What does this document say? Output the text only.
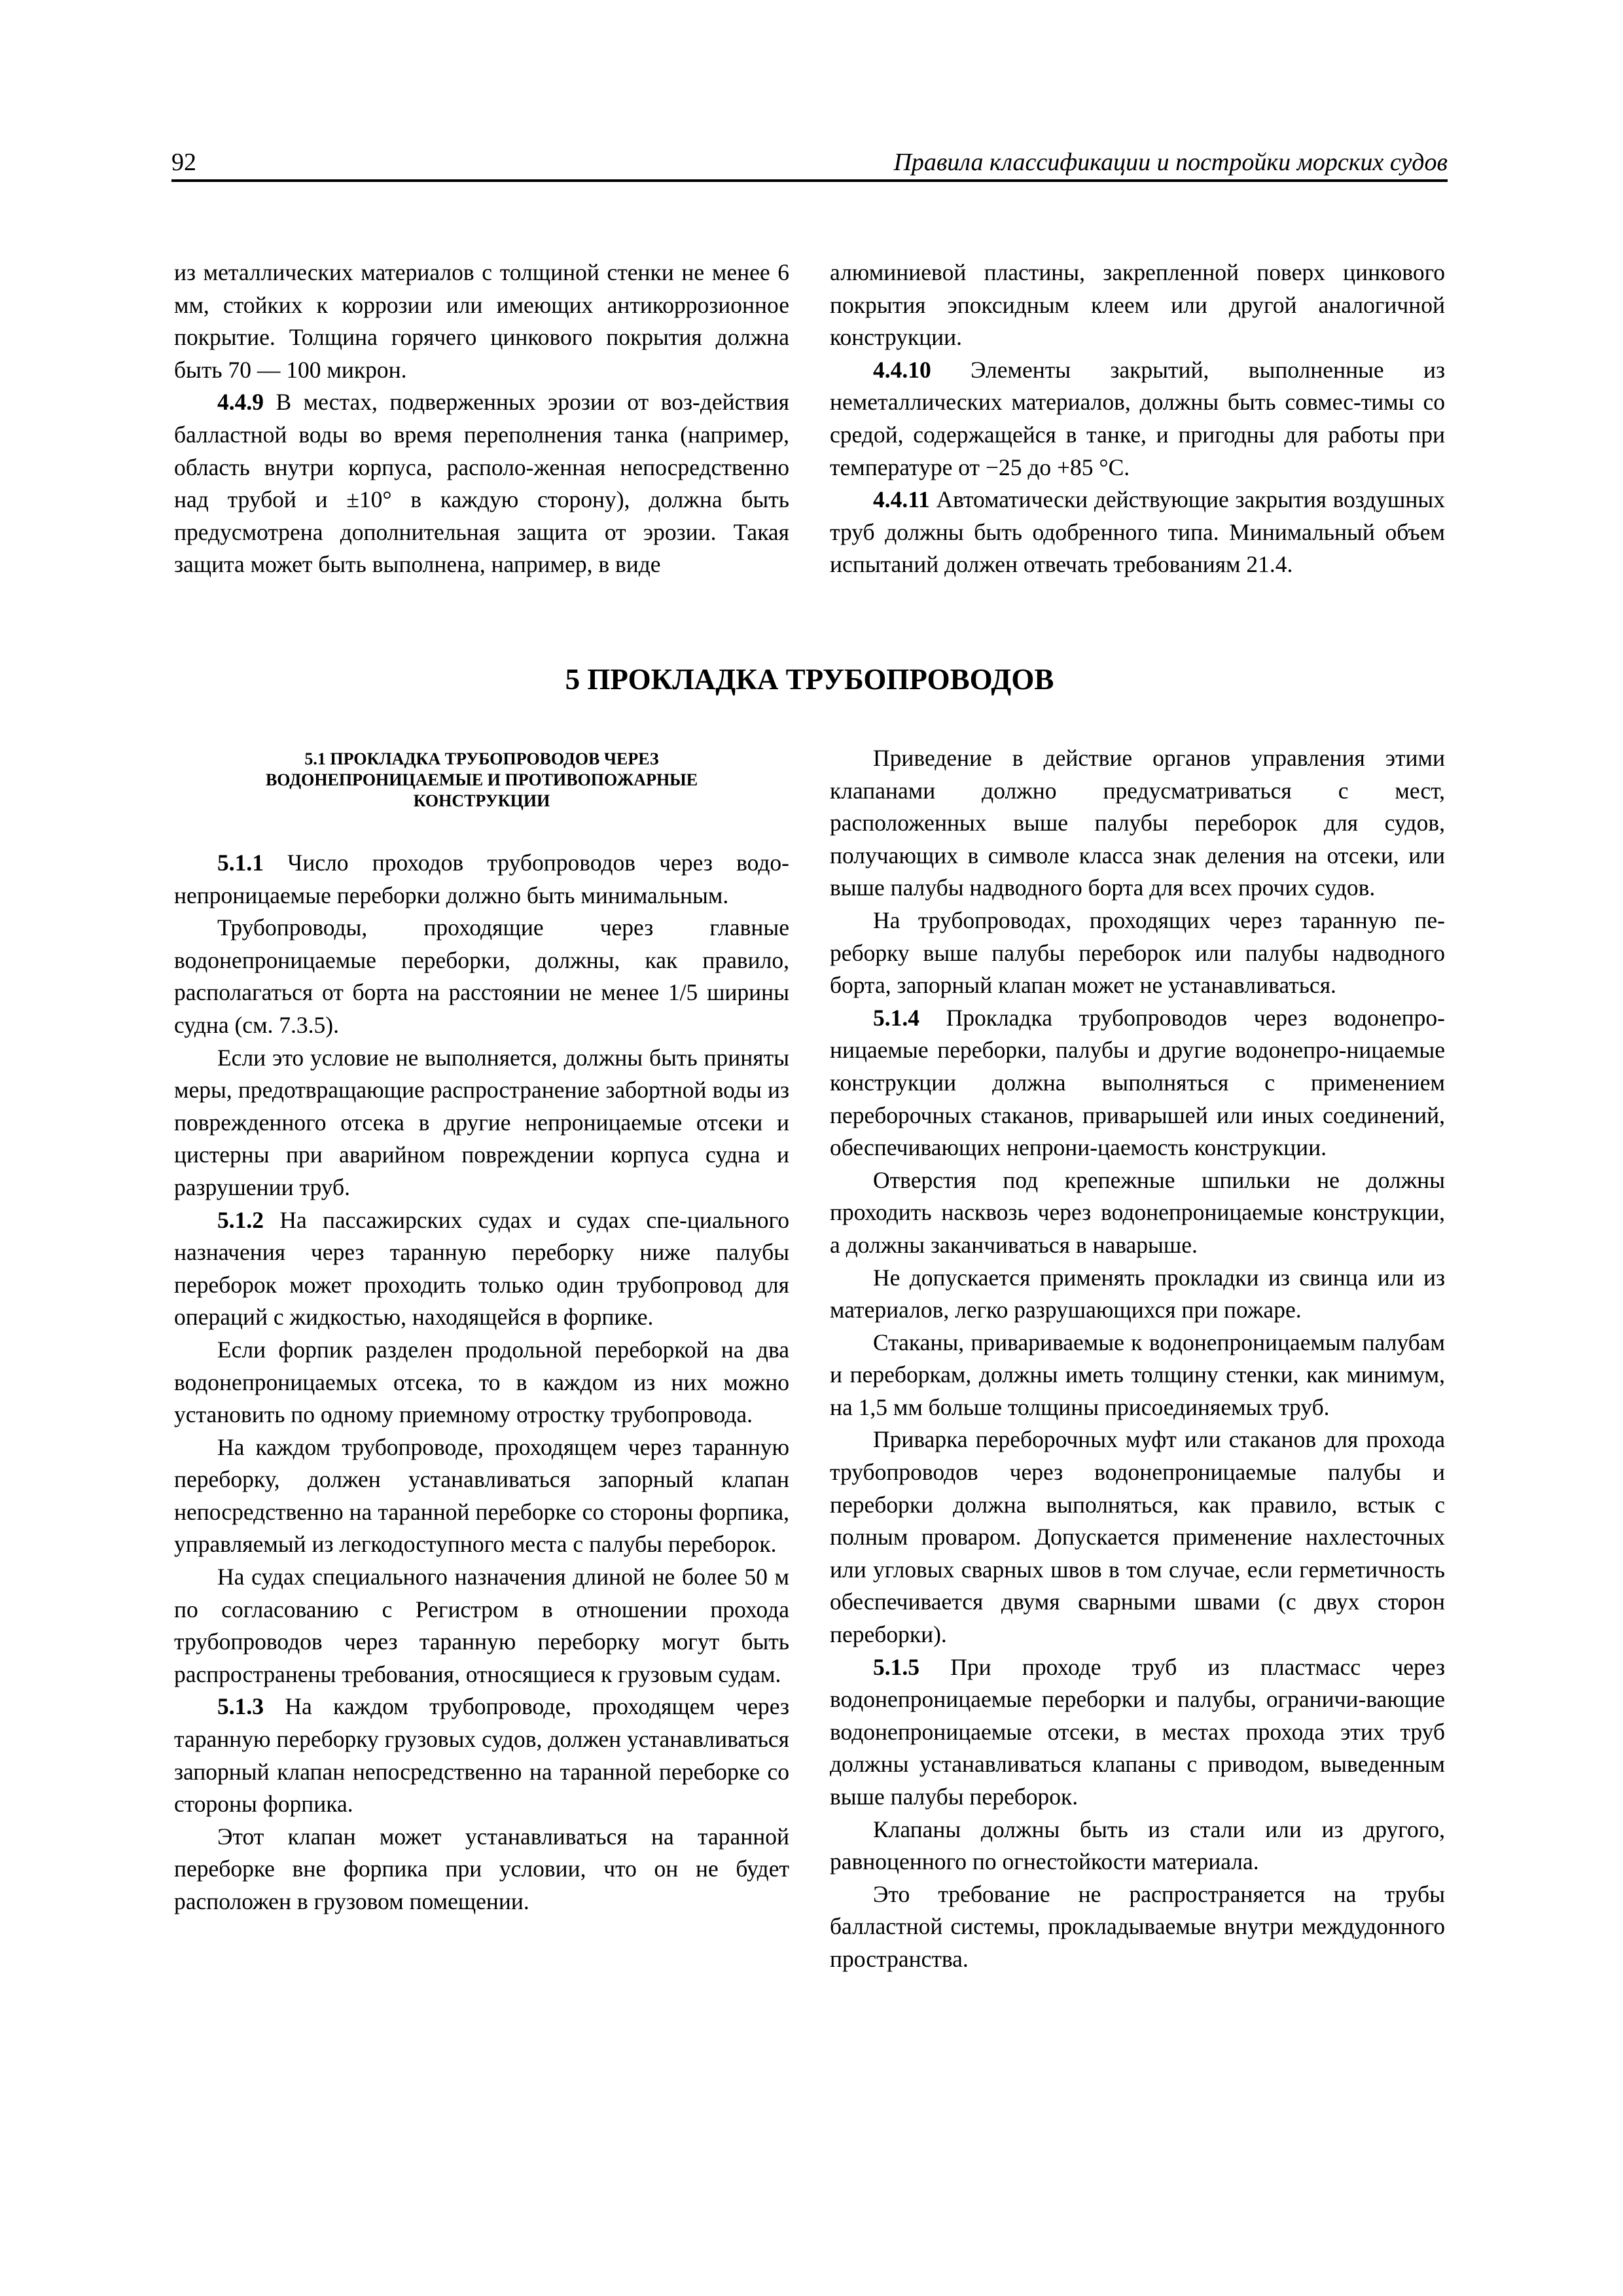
92	Правила классификации и постройки морских судов

из металлических материалов с толщиной стенки не менее 6 мм, стойких к коррозии или имеющих антикоррозионное покрытие. Толщина горячего цинкового покрытия должна быть 70 — 100 микрон.

4.4.9 В местах, подверженных эрозии от воз-действия балластной воды во время переполнения танка (например, область внутри корпуса, располо-женная непосредственно над трубой и ±10° в каждую сторону), должна быть предусмотрена дополнительная защита от эрозии. Такая защита может быть выполнена, например, в виде

алюминиевой пластины, закрепленной поверх цинкового покрытия эпоксидным клеем или другой аналогичной конструкции.

4.4.10 Элементы закрытий, выполненные из неметаллических материалов, должны быть совмес-тимы со средой, содержащейся в танке, и пригодны для работы при температуре от −25 до +85 °С.

4.4.11 Автоматически действующие закрытия воздушных труб должны быть одобренного типа. Минимальный объем испытаний должен отвечать требованиям 21.4.

5 ПРОКЛАДКА ТРУБОПРОВОДОВ
5.1 ПРОКЛАДКА ТРУБОПРОВОДОВ ЧЕРЕЗ ВОДОНЕПРОНИЦАЕМЫЕ И ПРОТИВОПОЖАРНЫЕ КОНСТРУКЦИИ

5.1.1 Число проходов трубопроводов через водо-непроницаемые переборки должно быть минимальным.

Трубопроводы, проходящие через главные водонепроницаемые переборки, должны, как правило, располагаться от борта на расстоянии не менее 1/5 ширины судна (см. 7.3.5).

Если это условие не выполняется, должны быть приняты меры, предотвращающие распространение забортной воды из поврежденного отсека в другие непроницаемые отсеки и цистерны при аварийном повреждении корпуса судна и разрушении труб.

5.1.2 На пассажирских судах и судах спе-циального назначения через таранную переборку ниже палубы переборок может проходить только один трубопровод для операций с жидкостью, находящейся в форпике.

Если форпик разделен продольной переборкой на два водонепроницаемых отсека, то в каждом из них можно установить по одному приемному отростку трубопровода.

На каждом трубопроводе, проходящем через таранную переборку, должен устанавливаться запорный клапан непосредственно на таранной переборке со стороны форпика, управляемый из легкодоступного места с палубы переборок.

На судах специального назначения длиной не более 50 м по согласованию с Регистром в отношении прохода трубопроводов через таранную переборку могут быть распространены требования, относящиеся к грузовым судам.

5.1.3 На каждом трубопроводе, проходящем через таранную переборку грузовых судов, должен устанавливаться запорный клапан непосредственно на таранной переборке со стороны форпика.

Этот клапан может устанавливаться на таранной переборке вне форпика при условии, что он не будет расположен в грузовом помещении.

Приведение в действие органов управления этими клапанами должно предусматриваться с мест, расположенных выше палубы переборок для судов, получающих в символе класса знак деления на отсеки, или выше палубы надводного борта для всех прочих судов.

На трубопроводах, проходящих через таранную пе-реборку выше палубы переборок или палубы надводного борта, запорный клапан может не устанавливаться.

5.1.4 Прокладка трубопроводов через водонепро-ницаемые переборки, палубы и другие водонепро-ницаемые конструкции должна выполняться с применением переборочных стаканов, приварышей или иных соединений, обеспечивающих непрони-цаемость конструкции.

Отверстия под крепежные шпильки не должны проходить насквозь через водонепроницаемые конструкции, а должны заканчиваться в наварыше.

Не допускается применять прокладки из свинца или из материалов, легко разрушающихся при пожаре.

Стаканы, привариваемые к водонепроницаемым палубам и переборкам, должны иметь толщину стенки, как минимум, на 1,5 мм больше толщины присоединяемых труб.

Приварка переборочных муфт или стаканов для прохода трубопроводов через водонепроницаемые палубы и переборки должна выполняться, как правило, встык с полным проваром. Допускается применение нахлесточных или угловых сварных швов в том случае, если герметичность обеспечивается двумя сварными швами (с двух сторон переборки).

5.1.5 При проходе труб из пластмасс через водонепроницаемые переборки и палубы, ограничи-вающие водонепроницаемые отсеки, в местах прохода этих труб должны устанавливаться клапаны с приводом, выведенным выше палубы переборок.

Клапаны должны быть из стали или из другого, равноценного по огнестойкости материала.

Это требование не распространяется на трубы балластной системы, прокладываемые внутри междудонного пространства.
